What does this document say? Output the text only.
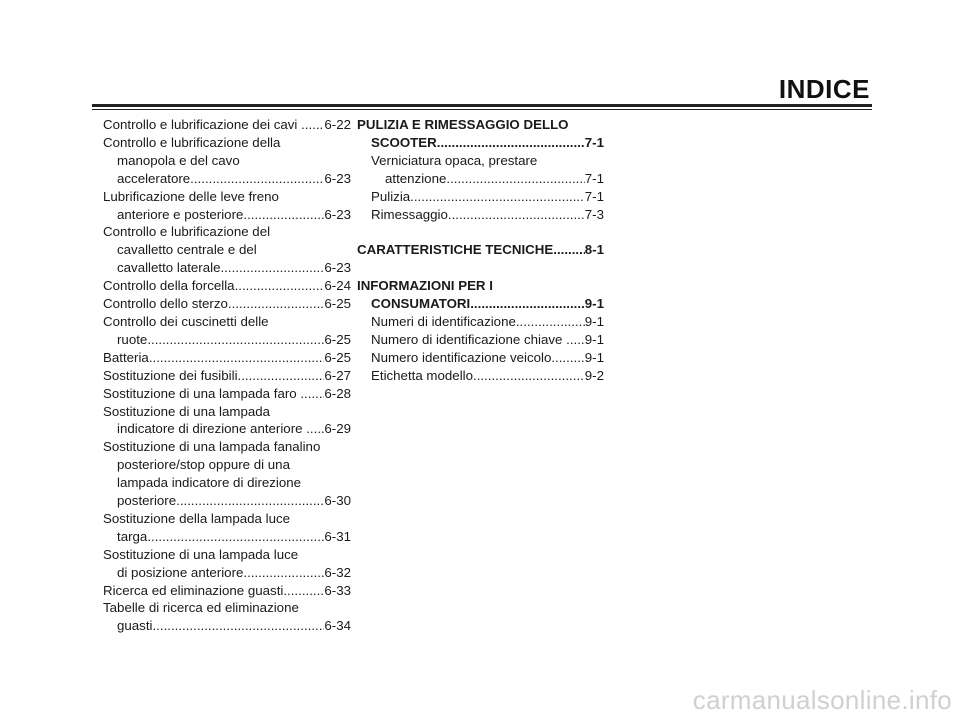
INDICE
Controllo e lubrificazione dei cavi .. ..... 6-22
Controllo e lubrificazione della
manopola e del cavo
acceleratore .....	6-23
Lubrificazione delle leve freno
anteriore e posteriore .....	6-23
Controllo e lubrificazione del
cavalletto centrale e del
cavalletto laterale .....	6-23
Controllo della forcella .....	6-24
Controllo dello sterzo .....	6-25
Controllo dei cuscinetti delle
ruote .....	6-25
Batteria .....	6-25
Sostituzione dei fusibili .....	6-27
Sostituzione di una lampada faro ... ..... 6-28
Sostituzione di una lampada
indicatore di direzione anteriore .. ..... 6-29
Sostituzione di una lampada fanalino
posteriore/stop oppure di una
lampada indicatore di direzione
posteriore .....	6-30
Sostituzione della lampada luce
targa .....	6-31
Sostituzione di una lampada luce
di posizione anteriore .....	6-32
Ricerca ed eliminazione guasti .....	6-33
Tabelle di ricerca ed eliminazione
guasti .....	6-34
PULIZIA E RIMESSAGGIO DELLO
SCOOTER .....	7-1
Verniciatura opaca, prestare
attenzione .....	7-1
Pulizia .....	7-1
Rimessaggio .....	7-3
CARATTERISTICHE TECNICHE ..... 8-1
INFORMAZIONI PER I
CONSUMATORI .....	9-1
Numeri di identificazione .....	9-1
Numero di identificazione chiave ..... ..... 9-1
Numero identificazione veicolo......... ..... 9-1
Etichetta modello .....	9-2
carmanualsonline.info
